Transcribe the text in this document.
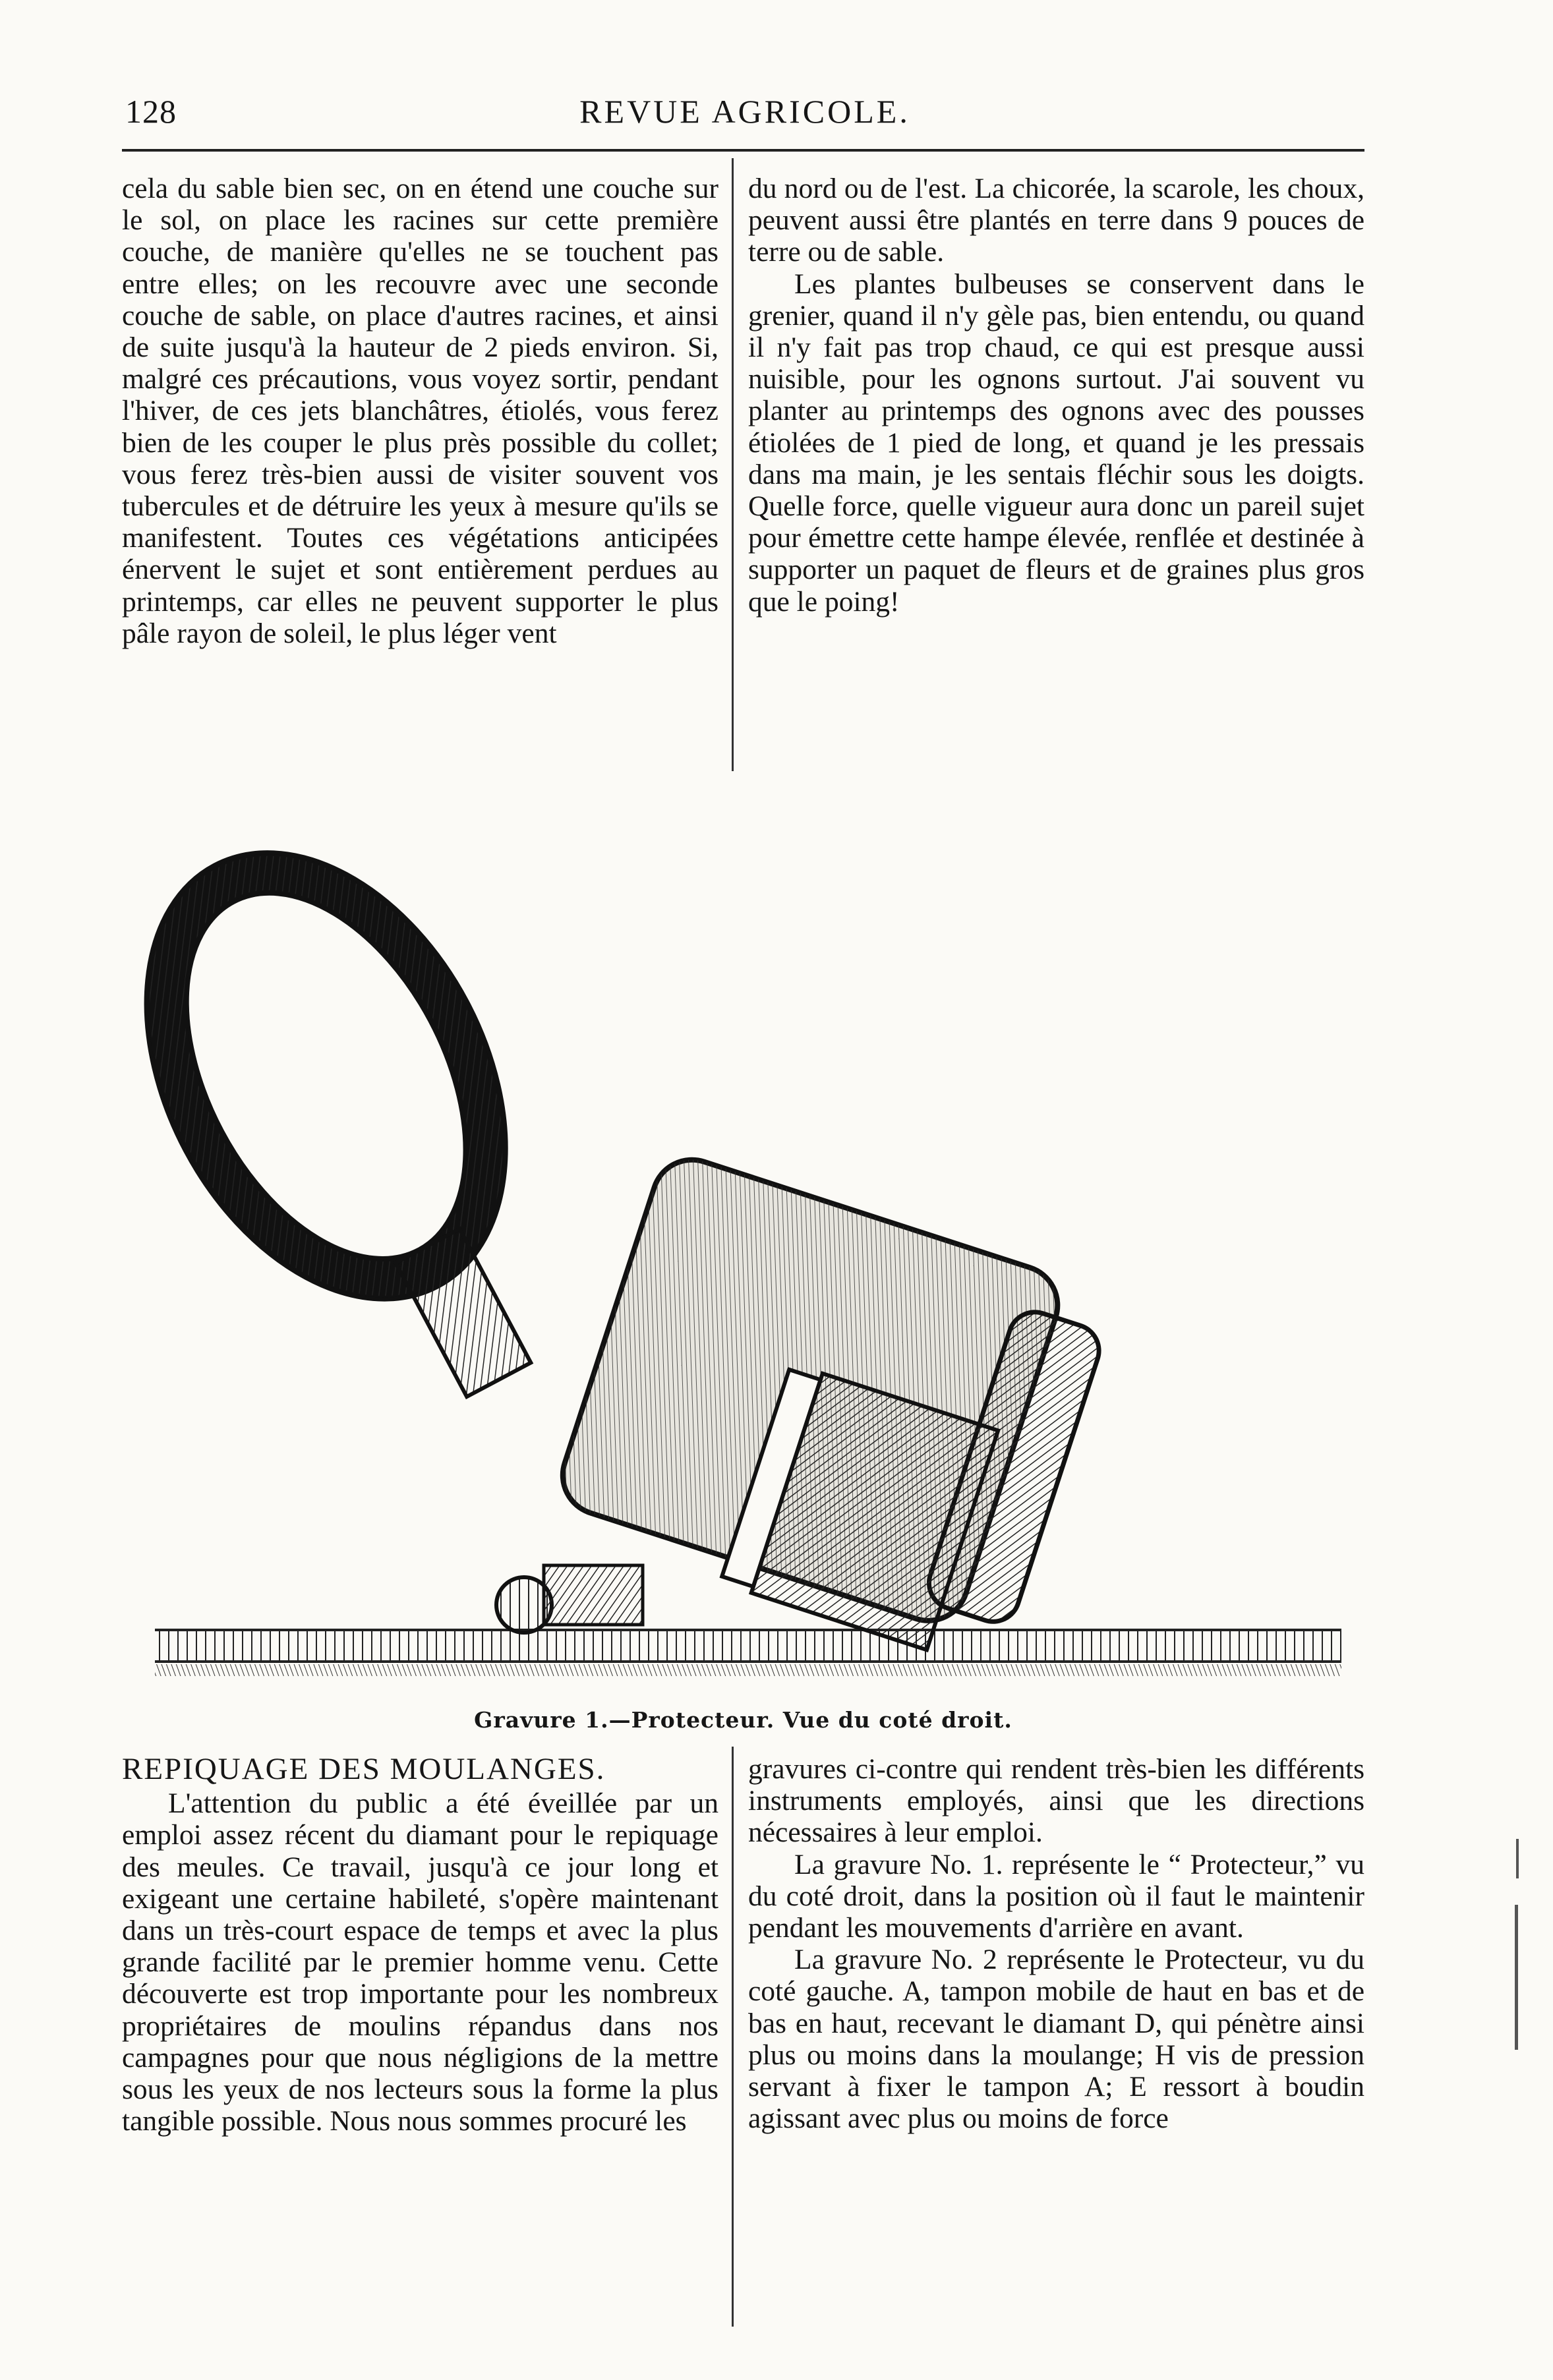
128	REVUE AGRICOLE.

cela du sable bien sec, on en étend une couche sur le sol, on place les racines sur cette première couche, de manière qu'elles ne se touchent pas entre elles; on les recouvre avec une seconde couche de sable, on place d'autres racines, et ainsi de suite jusqu'à la hauteur de 2 pieds environ. Si, malgré ces précautions, vous voyez sortir, pendant l'hiver, de ces jets blanchâtres, étiolés, vous ferez bien de les couper le plus près possible du collet; vous ferez très-bien aussi de visiter souvent vos tubercules et de détruire les yeux à mesure qu'ils se manifestent. Toutes ces végétations anticipées énervent le sujet et sont entièrement perdues au printemps, car elles ne peuvent supporter le plus pâle rayon de soleil, le plus léger vent

du nord ou de l'est. La chicorée, la scarole, les choux, peuvent aussi être plantés en terre dans 9 pouces de terre ou de sable.

Les plantes bulbeuses se conservent dans le grenier, quand il n'y gèle pas, bien entendu, ou quand il n'y fait pas trop chaud, ce qui est presque aussi nuisible, pour les ognons surtout. J'ai souvent vu planter au printemps des ognons avec des pousses étiolées de 1 pied de long, et quand je les pressais dans ma main, je les sentais fléchir sous les doigts. Quelle force, quelle vigueur aura donc un pareil sujet pour émettre cette hampe élevée, renflée et destinée à supporter un paquet de fleurs et de graines plus gros que le poing!

Gravure 1.—Protecteur. Vue du coté droit.

REPIQUAGE DES MOULANGES.

L'attention du public a été éveillée par un emploi assez récent du diamant pour le repiquage des meules. Ce travail, jusqu'à ce jour long et exigeant une certaine habileté, s'opère maintenant dans un très-court espace de temps et avec la plus grande facilité par le premier homme venu. Cette découverte est trop importante pour les nombreux propriétaires de moulins répandus dans nos campagnes pour que nous négligions de la mettre sous les yeux de nos lecteurs sous la forme la plus tangible possible. Nous nous sommes procuré les

gravures ci-contre qui rendent très-bien les différents instruments employés, ainsi que les directions nécessaires à leur emploi.

La gravure No. 1. représente le “ Protecteur,” vu du coté droit, dans la position où il faut le maintenir pendant les mouvements d'arrière en avant.

La gravure No. 2 représente le Protecteur, vu du coté gauche. A, tampon mobile de haut en bas et de bas en haut, recevant le diamant D, qui pénètre ainsi plus ou moins dans la moulange; H vis de pression servant à fixer le tampon A; E ressort à boudin agissant avec plus ou moins de force
